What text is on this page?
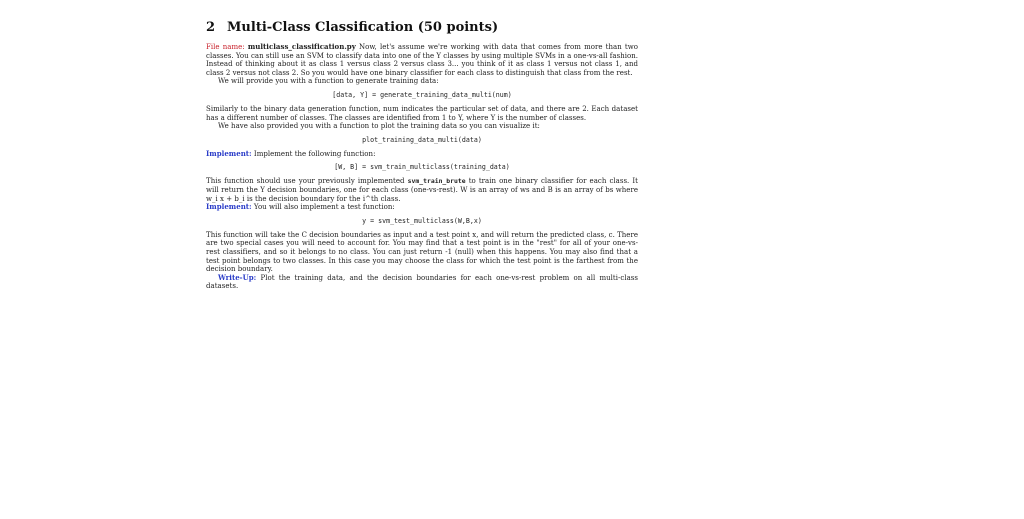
2 Multi-Class Classification (50 points)

File name: multiclass_classification.py Now, let's assume we're working with data that comes from more than two classes. You can still use an SVM to classify data into one of the Y classes by using multiple SVMs in a one-vs-all fashion. Instead of thinking about it as class 1 versus class 2 versus class 3... you think of it as class 1 versus not class 1, and class 2 versus not class 2. So you would have one binary classifier for each class to distinguish that class from the rest.

We will provide you with a function to generate training data:

[data, Y] = generate_training_data_multi(num)

Similarly to the binary data generation function, num indicates the particular set of data, and there are 2. Each dataset has a different number of classes. The classes are identified from 1 to Y, where Y is the number of classes.

We have also provided you with a function to plot the training data so you can visualize it:

plot_training_data_multi(data)

Implement: Implement the following function:

[W, B] = svm_train_multiclass(training_data)

This function should use your previously implemented svm_train_brute to train one binary classifier for each class. It will return the Y decision boundaries, one for each class (one-vs-rest). W is an array of ws and B is an array of bs where w_i x + b_i is the decision boundary for the i^th class.

Implement: You will also implement a test function:

y = svm_test_multiclass(W,B,x)

This function will take the C decision boundaries as input and a test point x, and will return the predicted class, c. There are two special cases you will need to account for. You may find that a test point is in the "rest" for all of your one-vs-rest classifiers, and so it belongs to no class. You can just return -1 (null) when this happens. You may also find that a test point belongs to two classes. In this case you may choose the class for which the test point is the farthest from the decision boundary.

Write-Up: Plot the training data, and the decision boundaries for each one-vs-rest problem on all multi-class datasets.
